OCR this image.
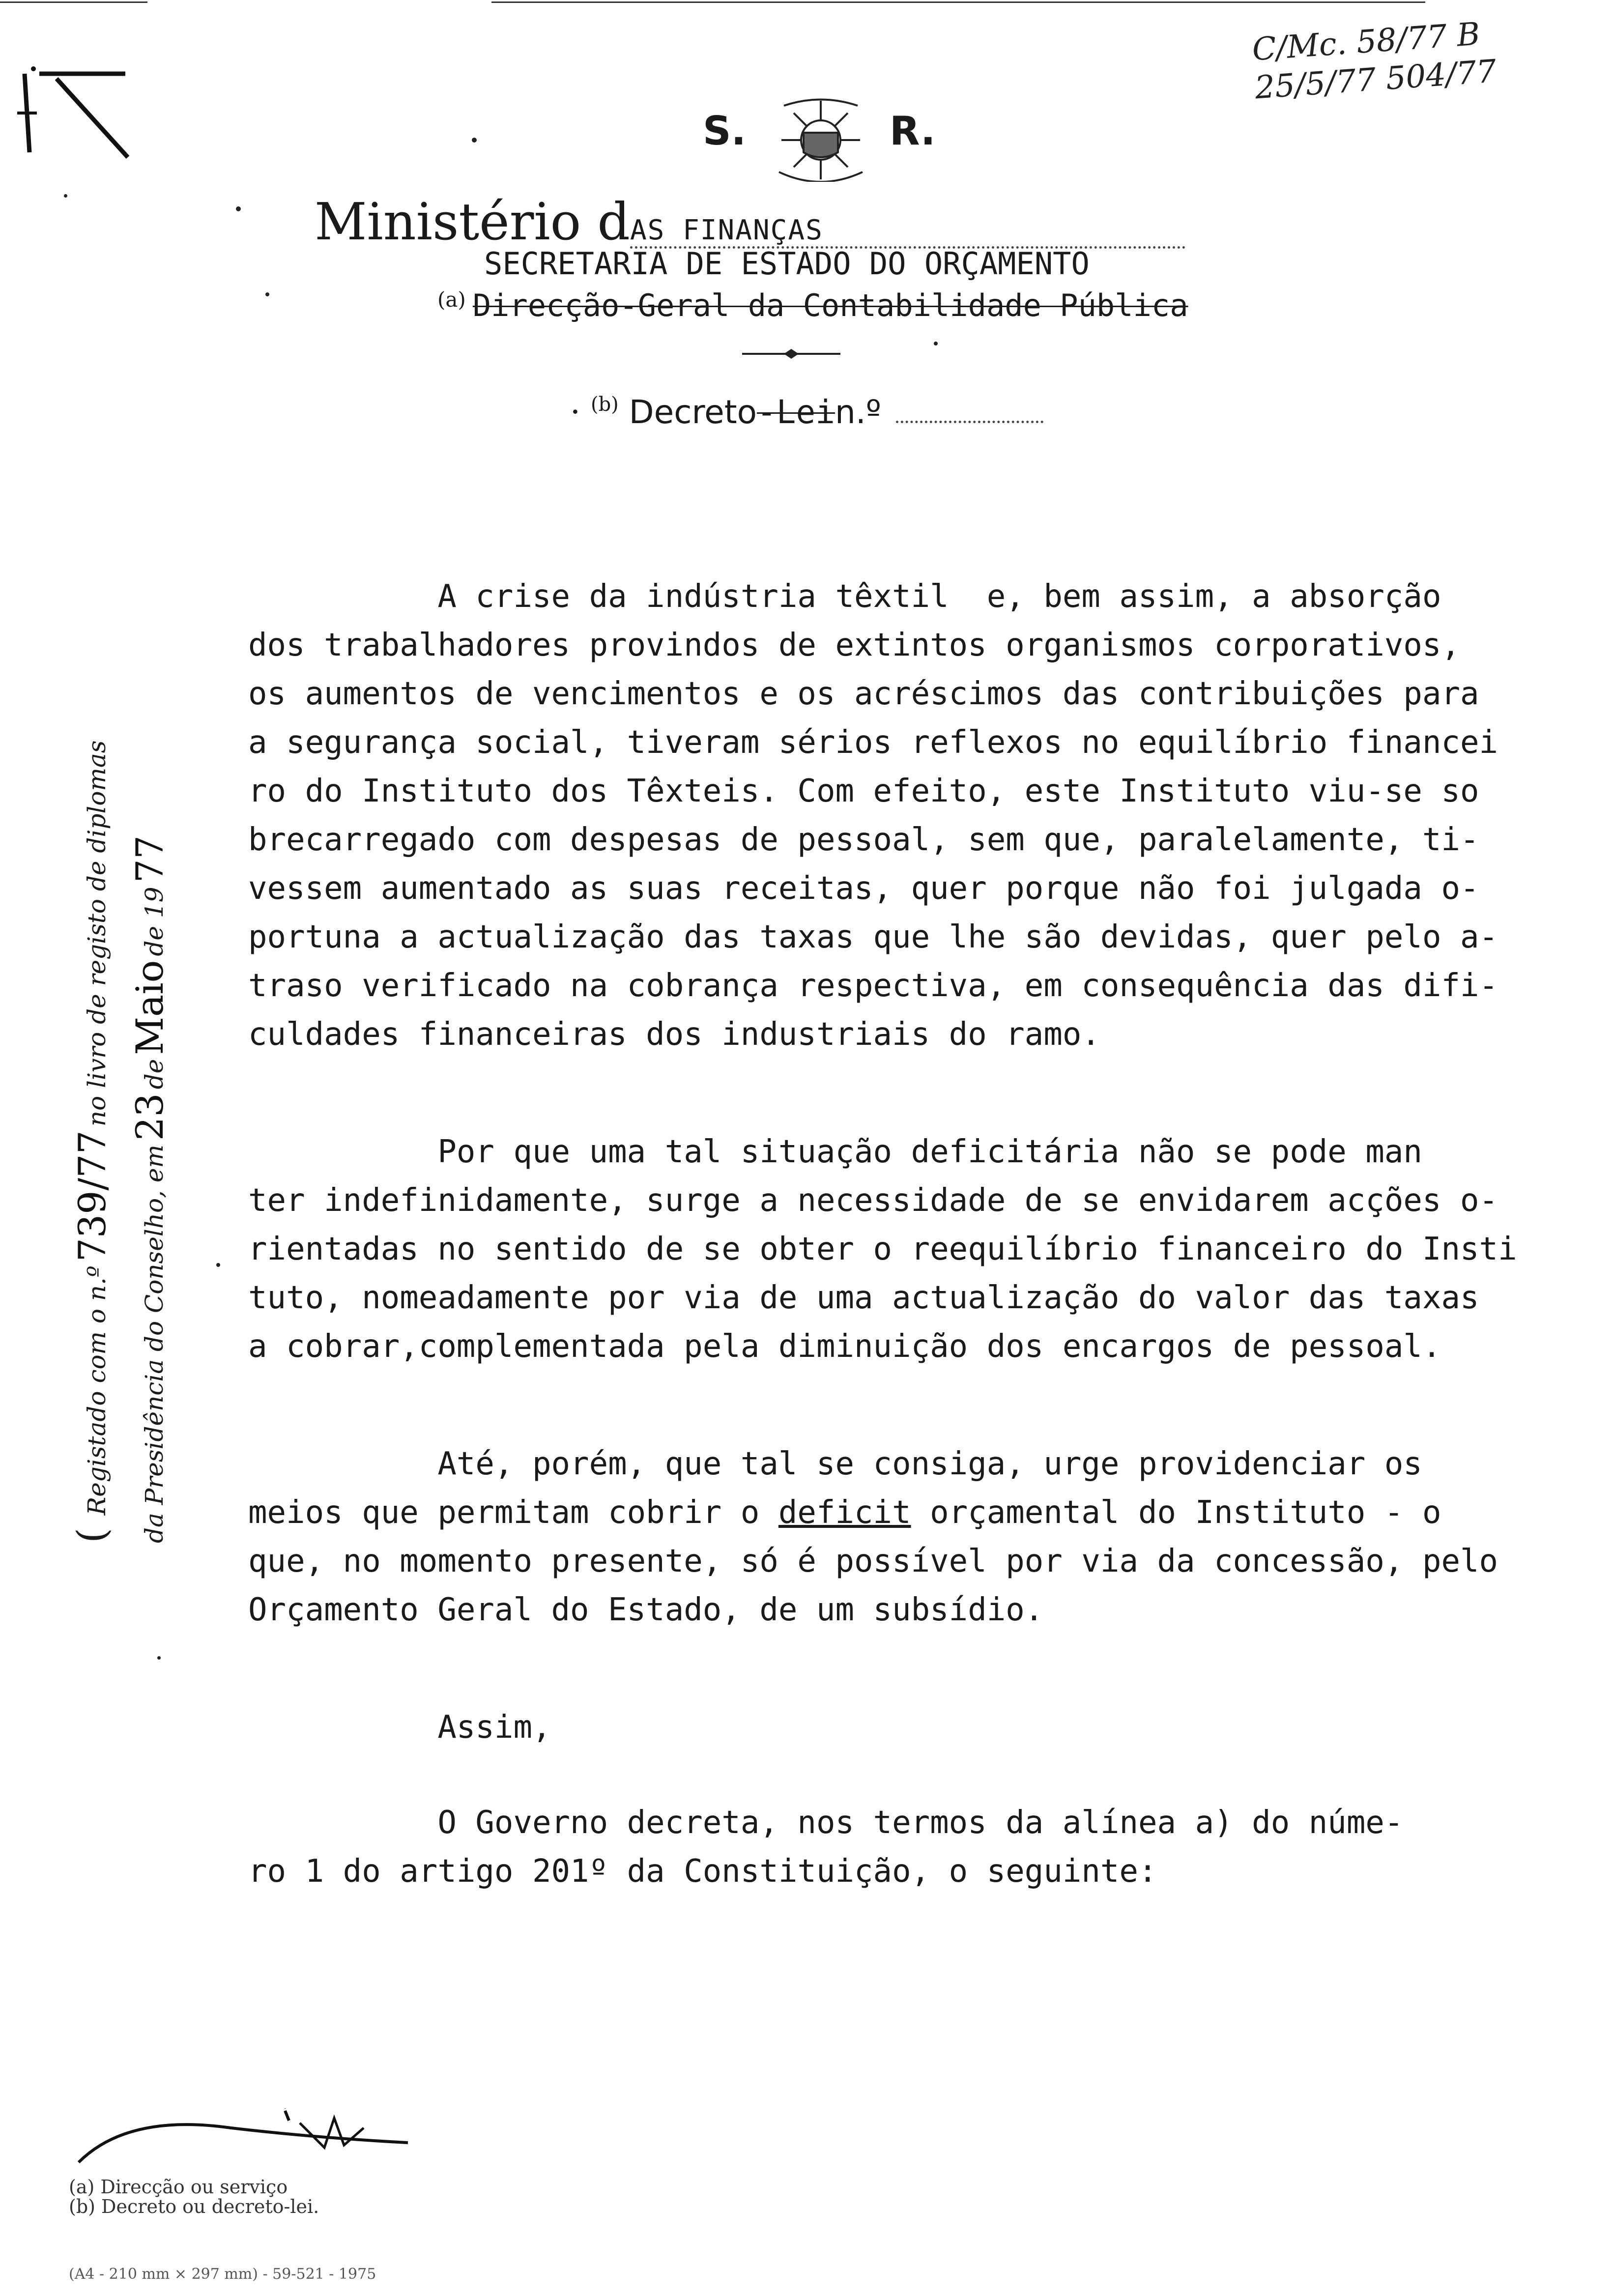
C/Mc. 58/77 B
25/5/77 504/77
S.	R.
Ministério dAS FINANÇAS
SECRETARIA DE ESTADO DO ORÇAMENTO
$^{(a)}$ Direcção-Geral da Contabilidade Pública
· $^{(b)}$ Decreto-Lein.º
( Registado com o n.º739/77no livro de registo de diplomas
da Presidência do Conselho, em23deMaiode 1977

A crise da indústria têxtil  e, bem assim, a absorção

dos trabalhadores provindos de extintos organismos corporativos,

os aumentos de vencimentos e os acréscimos das contribuições para

a segurança social, tiveram sérios reflexos no equilíbrio financei

ro do Instituto dos Têxteis. Com efeito, este Instituto viu-se so

brecarregado com despesas de pessoal, sem que, paralelamente, ti-

vessem aumentado as suas receitas, quer porque não foi julgada o-

portuna a actualização das taxas que lhe são devidas, quer pelo a-

traso verificado na cobrança respectiva, em consequência das difi-

culdades financeiras dos industriais do ramo.

Por que uma tal situação deficitária não se pode man

ter indefinidamente, surge a necessidade de se envidarem acções o-

rientadas no sentido de se obter o reequilíbrio financeiro do Insti

tuto, nomeadamente por via de uma actualização do valor das taxas

a cobrar,complementada pela diminuição dos encargos de pessoal.

Até, porém, que tal se consiga, urge providenciar os

meios que permitam cobrir o deficit orçamental do Instituto - o

que, no momento presente, só é possível por via da concessão, pelo

Orçamento Geral do Estado, de um subsídio.

Assim,

O Governo decreta, nos termos da alínea a) do núme-

ro 1 do artigo 201º da Constituição, o seguinte:

(a) Direcção ou serviço
(b) Decreto ou decreto-lei.
(A4 - 210 mm × 297 mm) - 59-521 - 1975
